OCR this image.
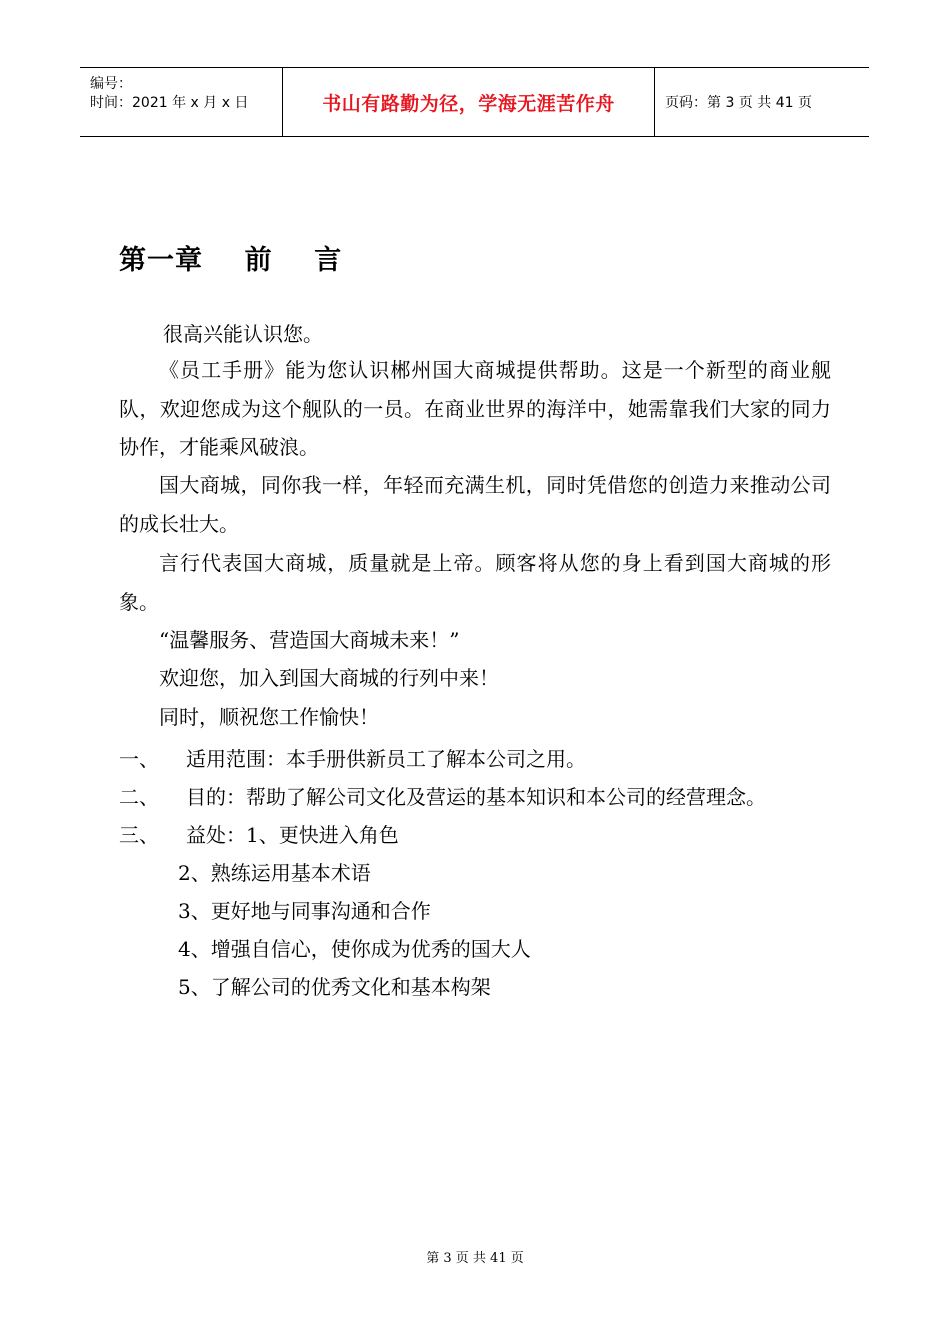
编号：
时间：2021 年 x 月 x 日	书山有路勤为径，学海无涯苦作舟	页码：第 3 页 共 41 页
第一章    前    言
很高兴能认识您。
《员工手册》能为您认识郴州国大商城提供帮助。这是一个新型的商业舰队，欢迎您成为这个舰队的一员。在商业世界的海洋中，她需靠我们大家的同力协作，才能乘风破浪。
国大商城，同你我一样，年轻而充满生机，同时凭借您的创造力来推动公司的成长壮大。
言行代表国大商城，质量就是上帝。顾客将从您的身上看到国大商城的形象。
“温馨服务、营造国大商城未来！”
欢迎您，加入到国大商城的行列中来！
同时，顺祝您工作愉快！
一、 适用范围：本手册供新员工了解本公司之用。
二、 目的：帮助了解公司文化及营运的基本知识和本公司的经营理念。
三、 益处：1、更快进入角色
2、熟练运用基本术语
3、更好地与同事沟通和合作
4、增强自信心，使你成为优秀的国大人
5、了解公司的优秀文化和基本构架
第 3 页 共 41 页
